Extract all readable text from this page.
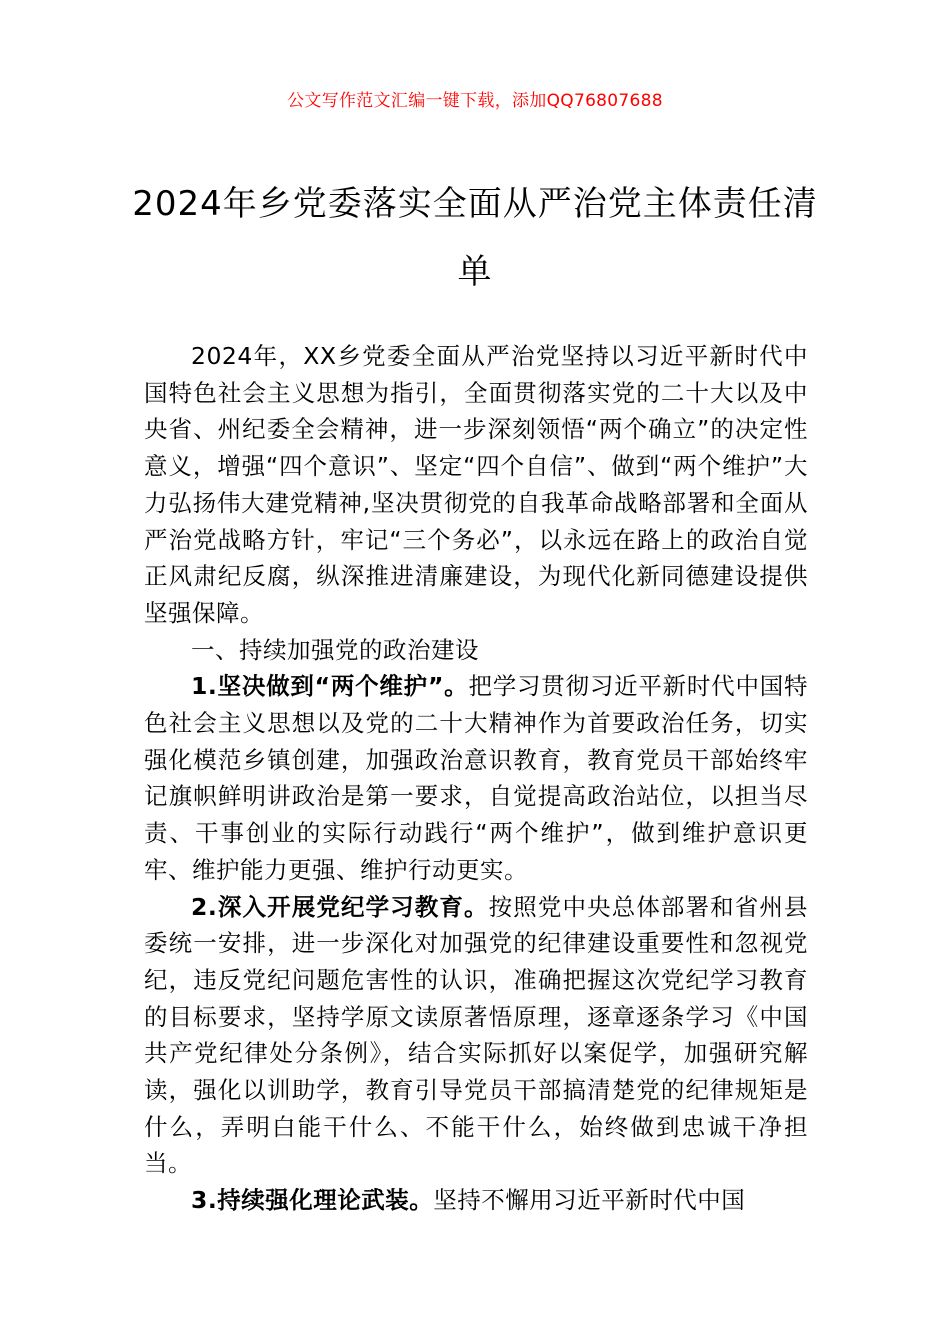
公文写作范文汇编一键下载，添加QQ76807688
2024年乡党委落实全面从严治党主体责任清单

2024年，XX乡党委全面从严治党坚持以习近平新时代中国特色社会主义思想为指引，全面贯彻落实党的二十大以及中央省、州纪委全会精神，进一步深刻领悟“两个确立”的决定性意义，增强“四个意识”、坚定“四个自信”、做到“两个维护”大力弘扬伟大建党精神,坚决贯彻党的自我革命战略部署和全面从严治党战略方针，牢记“三个务必”，以永远在路上的政治自觉正风肃纪反腐，纵深推进清廉建设，为现代化新同德建设提供坚强保障。

一、持续加强党的政治建设

1.坚决做到“两个维护”。把学习贯彻习近平新时代中国特色社会主义思想以及党的二十大精神作为首要政治任务，切实强化模范乡镇创建，加强政治意识教育，教育党员干部始终牢记旗帜鲜明讲政治是第一要求，自觉提高政治站位，以担当尽责、干事创业的实际行动践行“两个维护”，做到维护意识更牢、维护能力更强、维护行动更实。

2.深入开展党纪学习教育。按照党中央总体部署和省州县委统一安排，进一步深化对加强党的纪律建设重要性和忽视党纪，违反党纪问题危害性的认识，准确把握这次党纪学习教育的目标要求，坚持学原文读原著悟原理，逐章逐条学习《中国共产党纪律处分条例》，结合实际抓好以案促学，加强研究解读，强化以训助学，教育引导党员干部搞清楚党的纪律规矩是什么，弄明白能干什么、不能干什么，始终做到忠诚干净担当。

3.持续强化理论武装。坚持不懈用习近平新时代中国
